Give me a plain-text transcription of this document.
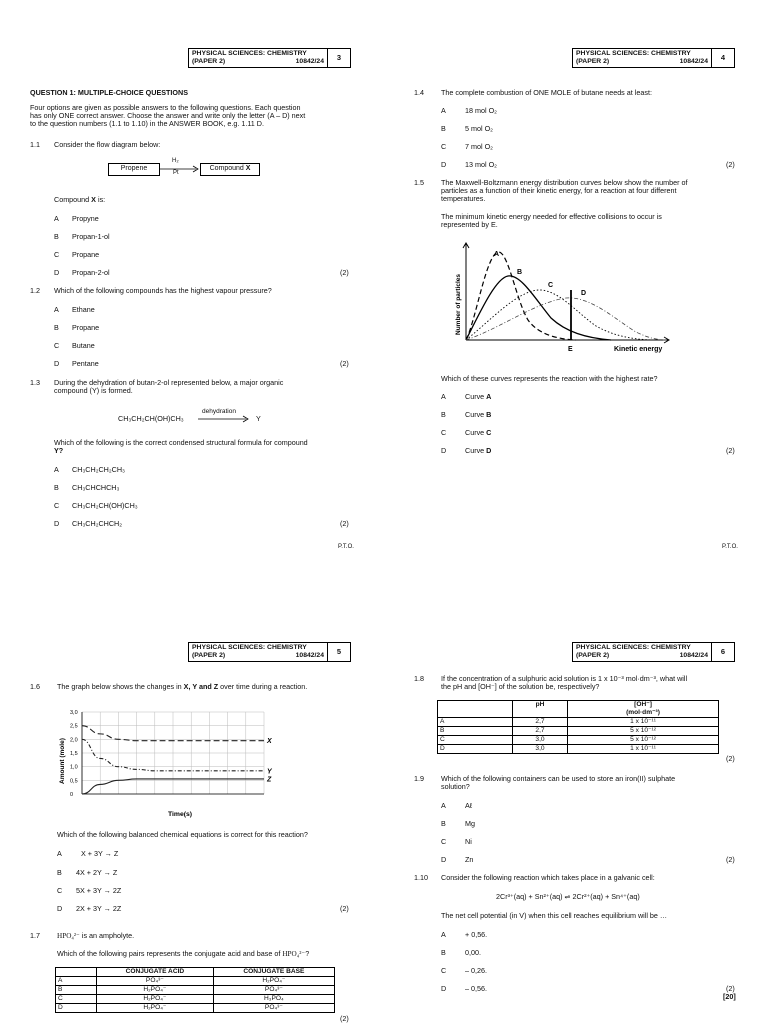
PHYSICAL SCIENCES: CHEMISTRY
(PAPER 2)	10842/24	3
QUESTION 1: MULTIPLE-CHOICE QUESTIONS
Four options are given as possible answers to the following questions. Each question
has only ONE correct answer. Choose the answer and write only the letter (A – D) next
to the question numbers (1.1 to 1.10) in the ANSWER BOOK, e.g. 1.11 D.
1.1 Consider the flow diagram below:
Propene
H₂
Pt
Compound X
Compound X is:
A Propyne
B Propan-1-ol
C Propane
D Propan-2-ol	(2)
1.2 Which of the following compounds has the highest vapour pressure?
A Ethane
B Propane
C Butane
D Pentane	(2)
1.3 During the dehydration of butan-2-ol represented below, a major organic
compound (Y) is formed.
CH₃CH₂CH(OH)CH₃
dehydration
Y
Which of the following is the correct condensed structural formula for compound
Y?
A CH₃CH₂CH₂CH₃
B CH₃CHCHCH₃
C CH₃CH₂CH(OH)CH₃
D CH₃CH₂CHCH₂	(2)
P.T.O.
PHYSICAL SCIENCES: CHEMISTRY
(PAPER 2)	10842/24	4
1.4 The complete combustion of ONE MOLE of butane needs at least:
A	18 mol O₂
B	5 mol O₂
C	7 mol O₂
D	13 mol O₂	(2)
1.5 The Maxwell-Boltzmann energy distribution curves below show the number of
particles as a function of their kinetic energy, for a reaction at four different
temperatures.
The minimum kinetic energy needed for effective collisions to occur is
represented by E.
A
B
C
D
E	Kinetic energy
Number of particles
Which of these curves represents the reaction with the highest rate?
A	Curve A
B	Curve B
C	Curve C
D	Curve D	(2)
P.T.O.
PHYSICAL SCIENCES: CHEMISTRY
(PAPER 2)	10842/24	5
1.6 The graph below shows the changes in X, Y and Z over time during a reaction.
3,0
2,5
2,0
1,5
1,0
0,5
0
X
Y
Z
Time(s)
Amount (mole)
Which of the following balanced chemical equations is correct for this reaction?
A	X + 3Y → Z
B 4X + 2Y → Z
C 5X + 3Y → 2Z
D 2X + 3Y → 2Z	(2)
1.7 HPO₄²⁻ is an ampholyte.
Which of the following pairs represents the conjugate acid and base of HPO₄²⁻?
	CONJUGATE ACID	CONJUGATE BASE
A	PO₄³⁻	H₂PO₄⁻
B	H₂PO₄⁻	PO₄³⁻
C	H₂PO₄⁻	H₃PO₄
D	H₂PO₄⁻	PO₄³⁻
(2)
PHYSICAL SCIENCES: CHEMISTRY
(PAPER 2)	10842/24	6
1.8 If the concentration of a sulphuric acid solution is 1 x 10⁻³ mol·dm⁻³, what will
the pH and [OH⁻] of the solution be, respectively?
	pH	[OH⁻]
(mol·dm⁻³)

A	2,7	1 x 10⁻¹¹
B	2,7	5 x 10⁻¹²
C	3,0	5 x 10⁻¹²
D	3,0	1 x 10⁻¹¹
(2)
1.9 Which of the following containers can be used to store an iron(II) sulphate
solution?
A	Aℓ
B	Mg
C	Ni
D	Zn	(2)
1.10 Consider the following reaction which takes place in a galvanic cell:
2Cr³⁺(aq) + Sn²⁺(aq) ⇌ 2Cr²⁺(aq) + Sn⁴⁺(aq)
The net cell potential (in V) when this cell reaches equilibrium will be …
A	+ 0,56.
B	0,00.
C	– 0,26.
D	– 0,56.	(2)
[20]
